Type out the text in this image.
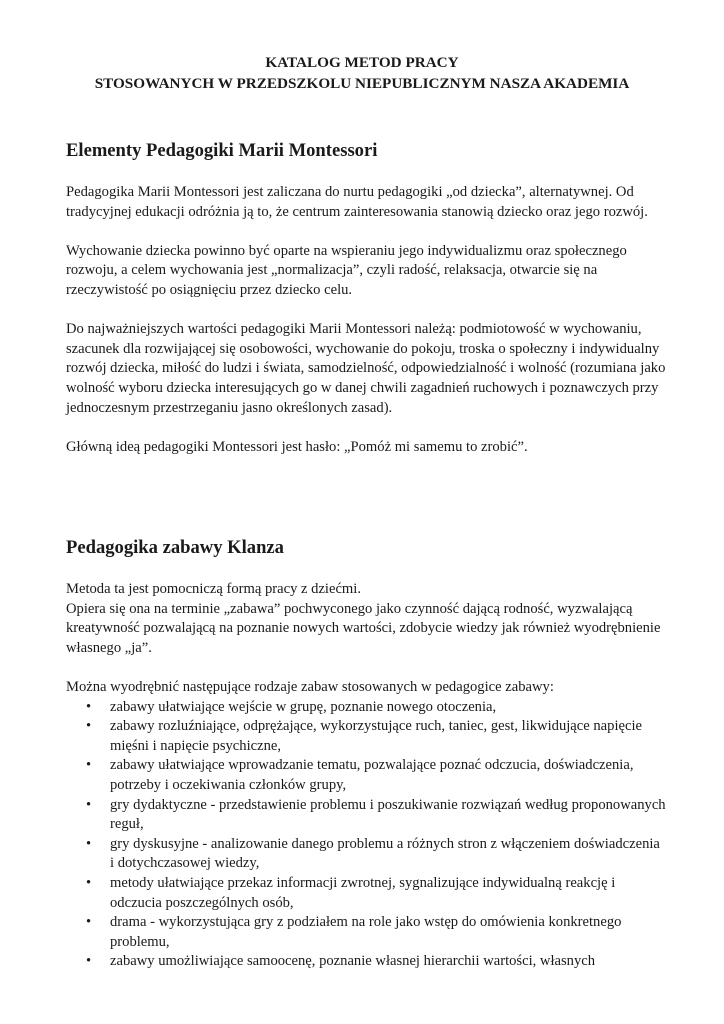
KATALOG METOD PRACY
STOSOWANYCH W PRZEDSZKOLU NIEPUBLICZNYM NASZA AKADEMIA
Elementy Pedagogiki Marii Montessori

Pedagogika Marii Montessori jest zaliczana do nurtu pedagogiki „od dziecka”, alternatywnej. Od tradycyjnej edukacji odróżnia ją to, że centrum zainteresowania stanowią dziecko oraz jego rozwój.

Wychowanie dziecka powinno być oparte na wspieraniu jego indywidualizmu oraz społecznego rozwoju, a celem wychowania jest „normalizacja”, czyli radość, relaksacja, otwarcie się na rzeczywistość po osiągnięciu przez dziecko celu.

Do najważniejszych wartości pedagogiki Marii Montessori należą: podmiotowość w wychowaniu, szacunek dla rozwijającej się osobowości, wychowanie do pokoju, troska o społeczny i indywidualny rozwój dziecka, miłość do ludzi i świata, samodzielność, odpowiedzialność i wolność (rozumiana jako wolność wyboru dziecka interesujących go w danej chwili zagadnień ruchowych i poznawczych przy jednoczesnym przestrzeganiu jasno określonych zasad).

Główną ideą pedagogiki Montessori jest hasło: „Pomóż mi samemu to zrobić”.

Pedagogika zabawy Klanza

Metoda ta jest pomocniczą formą pracy z dziećmi.

Opiera się ona na terminie „zabawa” pochwyconego jako czynność dającą rodność, wyzwalającą kreatywność pozwalającą na poznanie nowych wartości, zdobycie wiedzy jak również wyodrębnienie własnego „ja”.

Można wyodrębnić następujące rodzaje zabaw stosowanych w pedagogice zabawy:

• zabawy ułatwiające wejście w grupę, poznanie nowego otoczenia,
• zabawy rozluźniające, odprężające, wykorzystujące ruch, taniec, gest, likwidujące napięcie mięśni i napięcie psychiczne,
• zabawy ułatwiające wprowadzanie tematu, pozwalające poznać odczucia, doświadczenia, potrzeby i oczekiwania członków grupy,
• gry dydaktyczne - przedstawienie problemu i poszukiwanie rozwiązań według proponowanych reguł,
• gry dyskusyjne - analizowanie danego problemu a różnych stron z włączeniem doświadczenia i dotychczasowej wiedzy,
• metody ułatwiające przekaz informacji zwrotnej, sygnalizujące indywidualną reakcję i odczucia poszczególnych osób,
• drama - wykorzystująca gry z podziałem na role jako wstęp do omówienia konkretnego problemu,
• zabawy umożliwiające samoocenę, poznanie własnej hierarchii wartości, własnych
